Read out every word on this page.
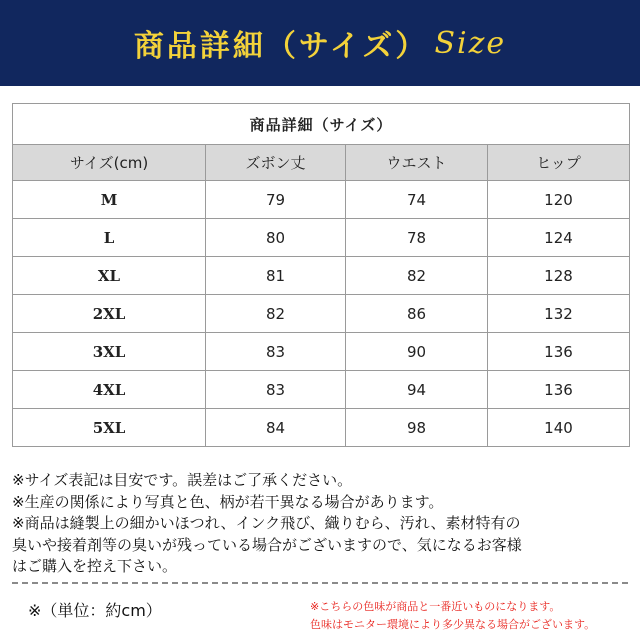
商品詳細（サイズ） Size
商品詳細（サイズ）			
サイズ(cm)	ズボン丈	ウエスト	ヒップ
M	79	74	120
L	80	78	124
XL	81	82	128
2XL	82	86	132
3XL	83	90	136
4XL	83	94	136
5XL	84	98	140
※サイズ表記は目安です。誤差はご了承ください。
※生産の関係により写真と色、柄が若干異なる場合があります。
※商品は縫製上の細かいほつれ、インク飛び、織りむら、汚れ、素材特有の
臭いや接着剤等の臭いが残っている場合がございますので、気になるお客様
はご購入を控え下さい。
※（単位：約cm）	※こちらの色味が商品と一番近いものになります。
色味はモニター環境により多少異なる場合がございます。
